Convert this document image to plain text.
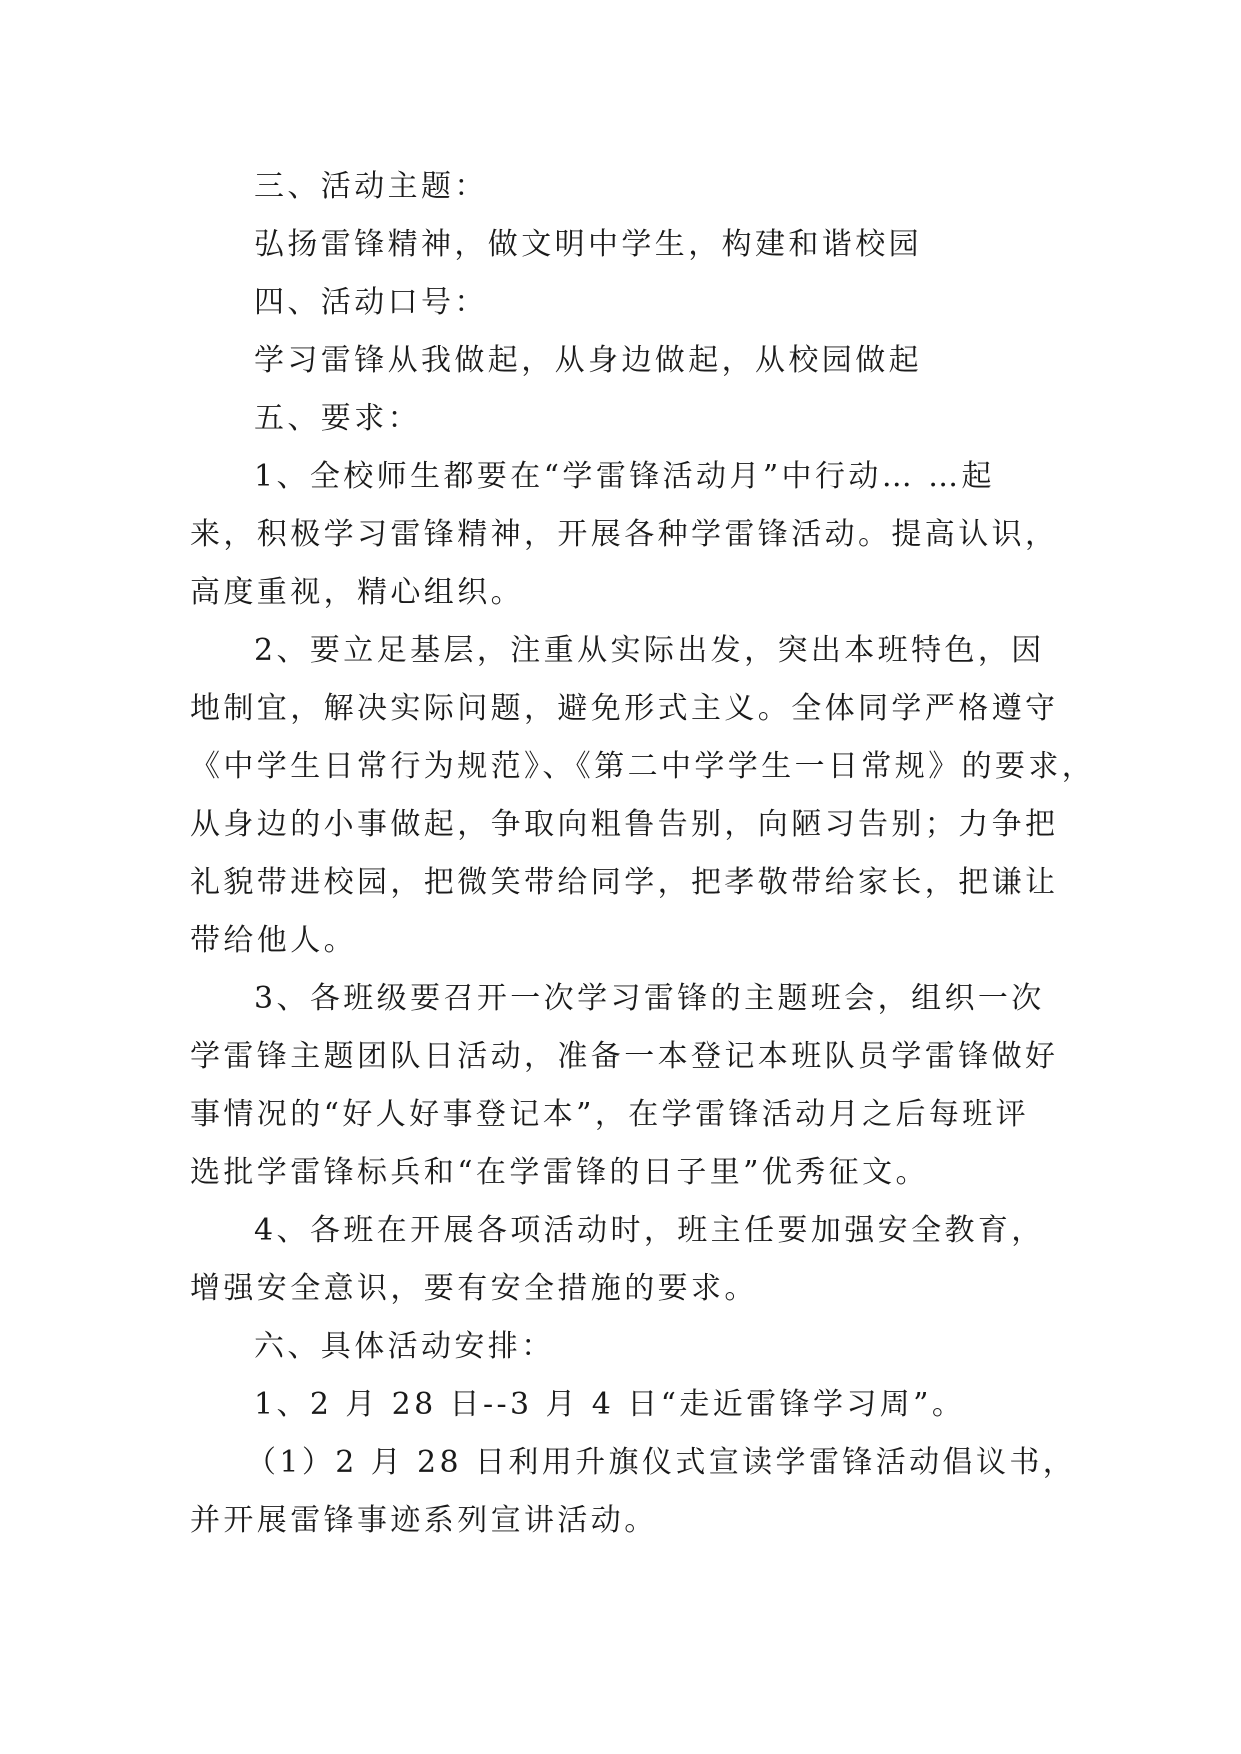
三、活动主题：
弘扬雷锋精神，做文明中学生，构建和谐校园
四、活动口号：
学习雷锋从我做起，从身边做起，从校园做起
五、要求：
1、全校师生都要在“学雷锋活动月”中行动… …起
来，积极学习雷锋精神，开展各种学雷锋活动。提高认识，
高度重视，精心组织。
2、要立足基层，注重从实际出发，突出本班特色，因
地制宜，解决实际问题，避免形式主义。全体同学严格遵守
《中学生日常行为规范》、《第二中学学生一日常规》的要求，
从身边的小事做起，争取向粗鲁告别，向陋习告别；力争把
礼貌带进校园，把微笑带给同学，把孝敬带给家长，把谦让
带给他人。
3、各班级要召开一次学习雷锋的主题班会，组织一次
学雷锋主题团队日活动，准备一本登记本班队员学雷锋做好
事情况的“好人好事登记本”，在学雷锋活动月之后每班评
选批学雷锋标兵和“在学雷锋的日子里”优秀征文。
4、各班在开展各项活动时，班主任要加强安全教育，
增强安全意识，要有安全措施的要求。
六、具体活动安排：
1、2 月 28 日--3 月 4 日“走近雷锋学习周”。
（1）2 月 28 日利用升旗仪式宣读学雷锋活动倡议书，
并开展雷锋事迹系列宣讲活动。
